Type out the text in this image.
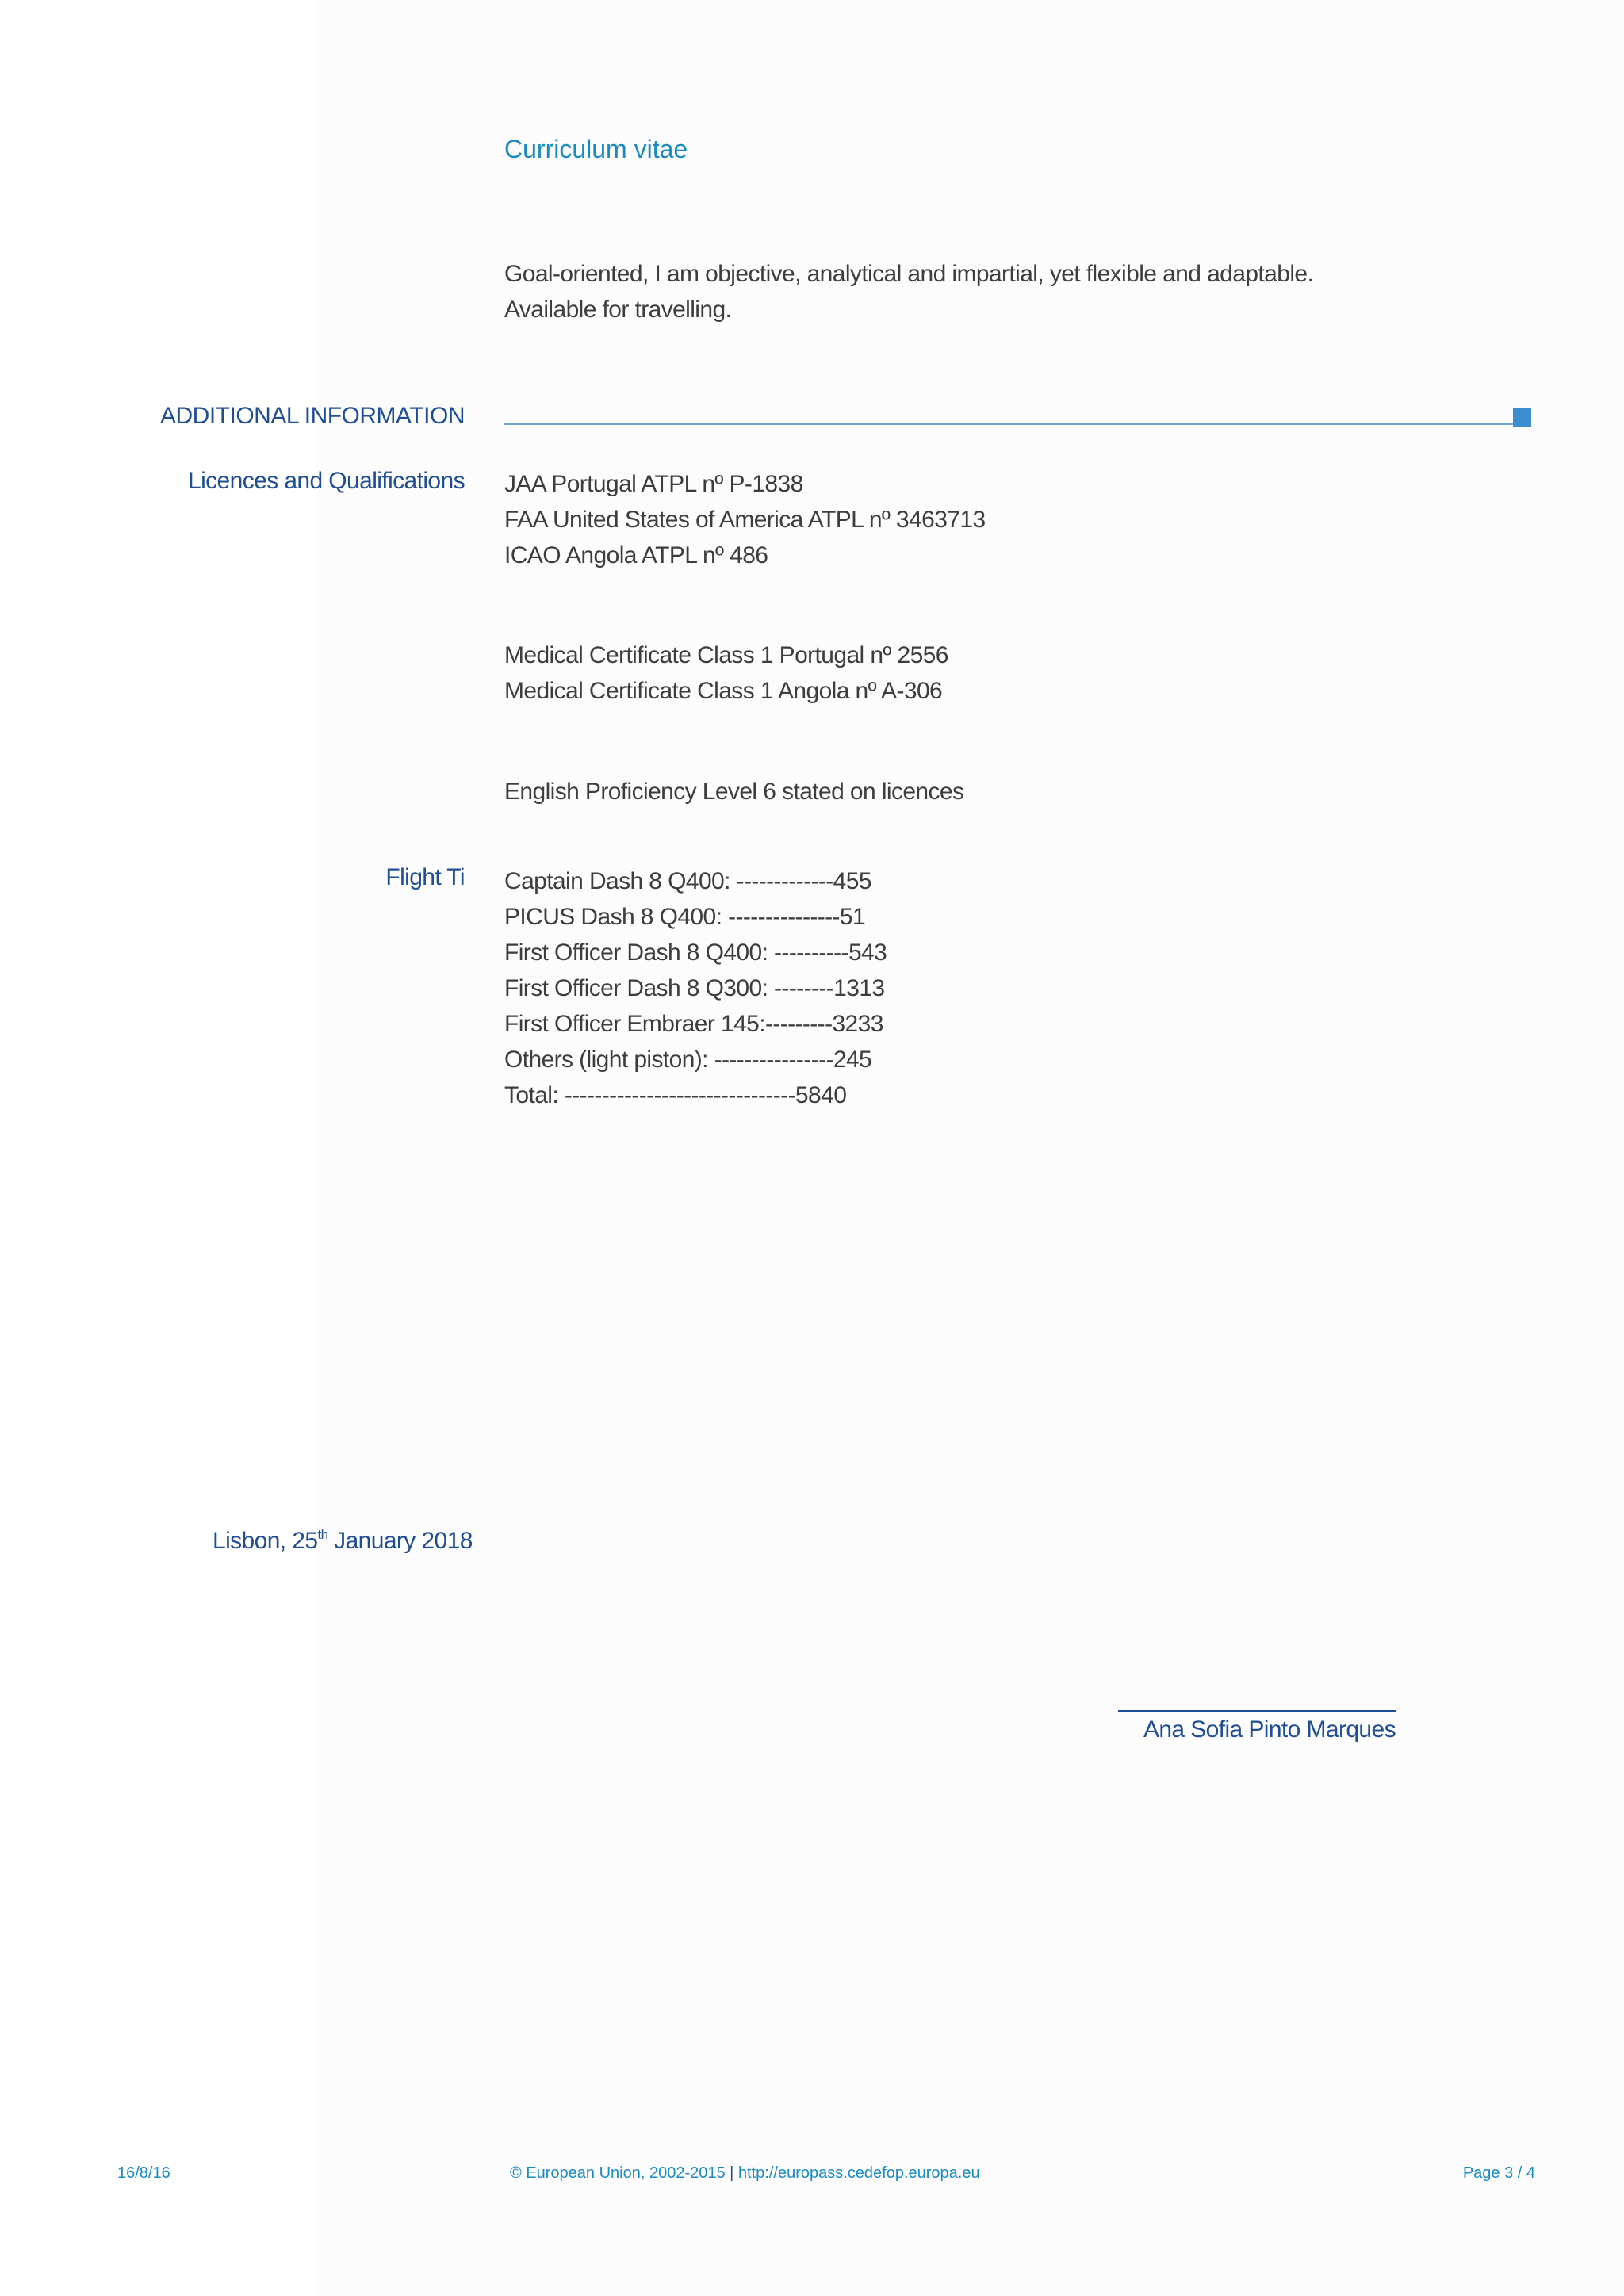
Curriculum vitae
Goal-oriented, I am objective, analytical and impartial, yet flexible and adaptable.
Available for travelling.
ADDITIONAL INFORMATION
Licences and Qualifications JAA Portugal ATPL nº P-1838
FAA United States of America ATPL nº 3463713
ICAO Angola ATPL nº 486
Medical Certificate Class 1 Portugal nº 2556
Medical Certificate Class 1 Angola nº A-306
English Proficiency Level 6 stated on licences
Flight Ti Captain Dash 8 Q400: -------------455
PICUS Dash 8 Q400: ---------------51
First Officer Dash 8 Q400: ----------543
First Officer Dash 8 Q300: --------1313
First Officer Embraer 145:---------3233
Others (light piston): ----------------245
Total: -------------------------------5840
Lisbon, 25th January 2018
Ana Sofia Pinto Marques
16/8/16	© European Union, 2002-2015 | http://europass.cedefop.europa.eu	Page 3 / 4
